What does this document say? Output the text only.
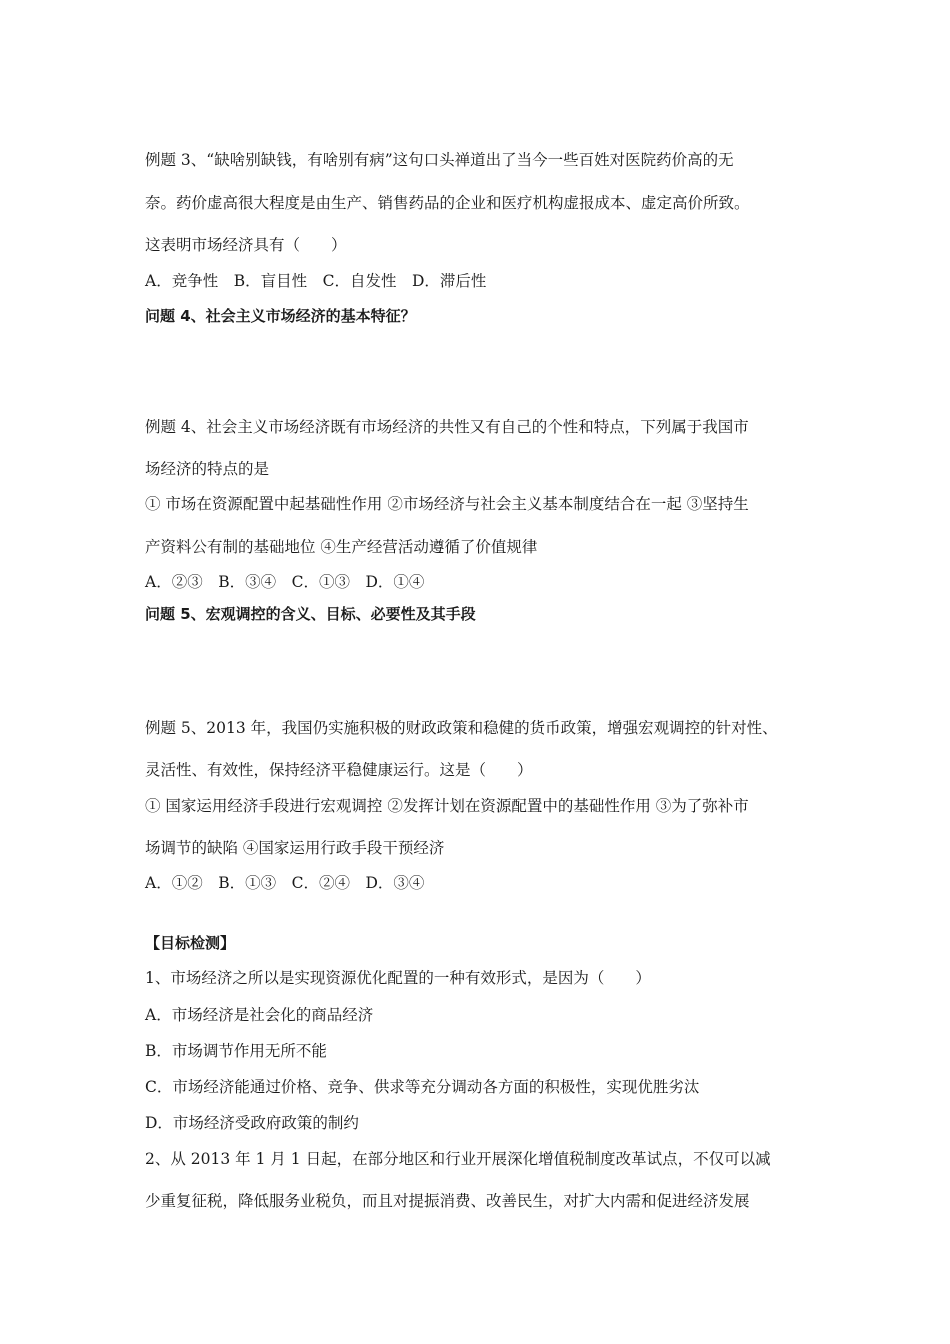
例题 3、“缺啥别缺钱，有啥别有病”这句口头禅道出了当今一些百姓对医院药价高的无
奈。药价虚高很大程度是由生产、销售药品的企业和医疗机构虚报成本、虚定高价所致。
这表明市场经济具有（　　）
A．竞争性　B．盲目性　C．自发性　D．滞后性
问题 4、社会主义市场经济的基本特征？
例题 4、社会主义市场经济既有市场经济的共性又有自己的个性和特点，下列属于我国市
场经济的特点的是
① 市场在资源配置中起基础性作用 ②市场经济与社会主义基本制度结合在一起 ③坚持生
产资料公有制的基础地位 ④生产经营活动遵循了价值规律
A．②③　B．③④　C．①③　D．①④
问题 5、宏观调控的含义、目标、必要性及其手段
例题 5、2013 年，我国仍实施积极的财政政策和稳健的货币政策，增强宏观调控的针对性、
灵活性、有效性，保持经济平稳健康运行。这是（　　）
① 国家运用经济手段进行宏观调控 ②发挥计划在资源配置中的基础性作用 ③为了弥补市
场调节的缺陷 ④国家运用行政手段干预经济
A．①②　B．①③　C．②④　D．③④
【目标检测】
1、市场经济之所以是实现资源优化配置的一种有效形式，是因为（　　）
A．市场经济是社会化的商品经济
B．市场调节作用无所不能
C．市场经济能通过价格、竞争、供求等充分调动各方面的积极性，实现优胜劣汰
D．市场经济受政府政策的制约
2、从 2013 年 1 月 1 日起，在部分地区和行业开展深化增值税制度改革试点，不仅可以减
少重复征税，降低服务业税负，而且对提振消费、改善民生，对扩大内需和促进经济发展
